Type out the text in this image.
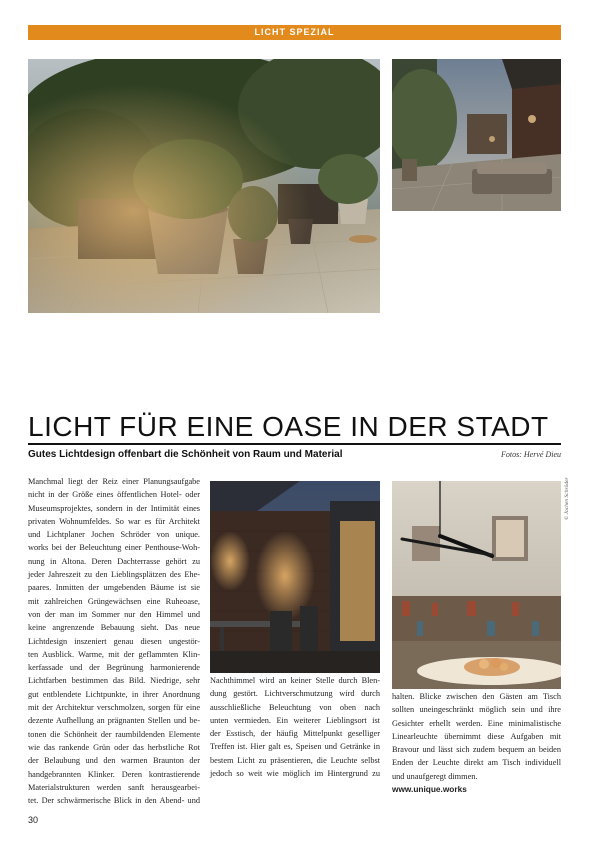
LICHT SPEZIAL
LICHT FÜR EINE OASE IN DER STADT
Gutes Lichtdesign offenbart die Schönheit von Raum und Material	Fotos: Hervé Dieu
Manchmal liegt der Reiz einer Planungsaufgabe
nicht in der Größe eines öffentlichen Hotel- oder
Museumsprojektes, sondern in der Intimität eines
privaten Wohnumfeldes. So war es für Architekt
und Lichtplaner Jochen Schröder von unique.
works bei der Beleuchtung einer Penthouse-Woh-
nung in Altona. Deren Dachterrasse gehört zu
jeder Jahreszeit zu den Lieblingsplätzen des Ehe-
paares. Inmitten der umgebenden Bäume ist sie
mit zahlreichen Grüngewächsen eine Ruheoase,
von der man im Sommer nur den Himmel und
keine angrenzende Bebauung sieht. Das neue
Lichtdesign inszeniert genau diesen ungestör-
ten Ausblick. Warme, mit der geflammten Klin-
kerfassade und der Begrünung harmonierende
Lichtfarben bestimmen das Bild. Niedrige, sehr
gut entblendete Lichtpunkte, in ihrer Anordnung
mit der Architektur verschmolzen, sorgen für eine
dezente Aufhellung an prägnanten Stellen und be-
tonen die Schönheit der raumbildenden Elemente
wie das rankende Grün oder das herbstliche Rot
der Belaubung und den warmen Braunton der
handgebrannten Klinker. Deren kontrastierende
Materialstrukturen werden sanft herausgearbei-
tet. Der schwärmerische Blick in den Abend- und
© Jochen Schröder
Nachthimmel wird an keiner Stelle durch Blen-
dung gestört. Lichtverschmutzung wird durch
ausschließliche Beleuchtung von oben nach
unten vermieden. Ein weiterer Lieblingsort ist
der Esstisch, der häufig Mittelpunkt geselliger
Treffen ist. Hier galt es, Speisen und Getränke in
bestem Licht zu präsentieren, die Leuchte selbst
jedoch so weit wie möglich im Hintergrund zu
halten. Blicke zwischen den Gästen am Tisch
sollten uneingeschränkt möglich sein und ihre
Gesichter erhellt werden. Eine minimalistische
Linearleuchte übernimmt diese Aufgaben mit
Bravour und lässt sich zudem bequem an beiden
Enden der Leuchte direkt am Tisch individuell
und unaufgeregt dimmen.
www.unique.works
30
